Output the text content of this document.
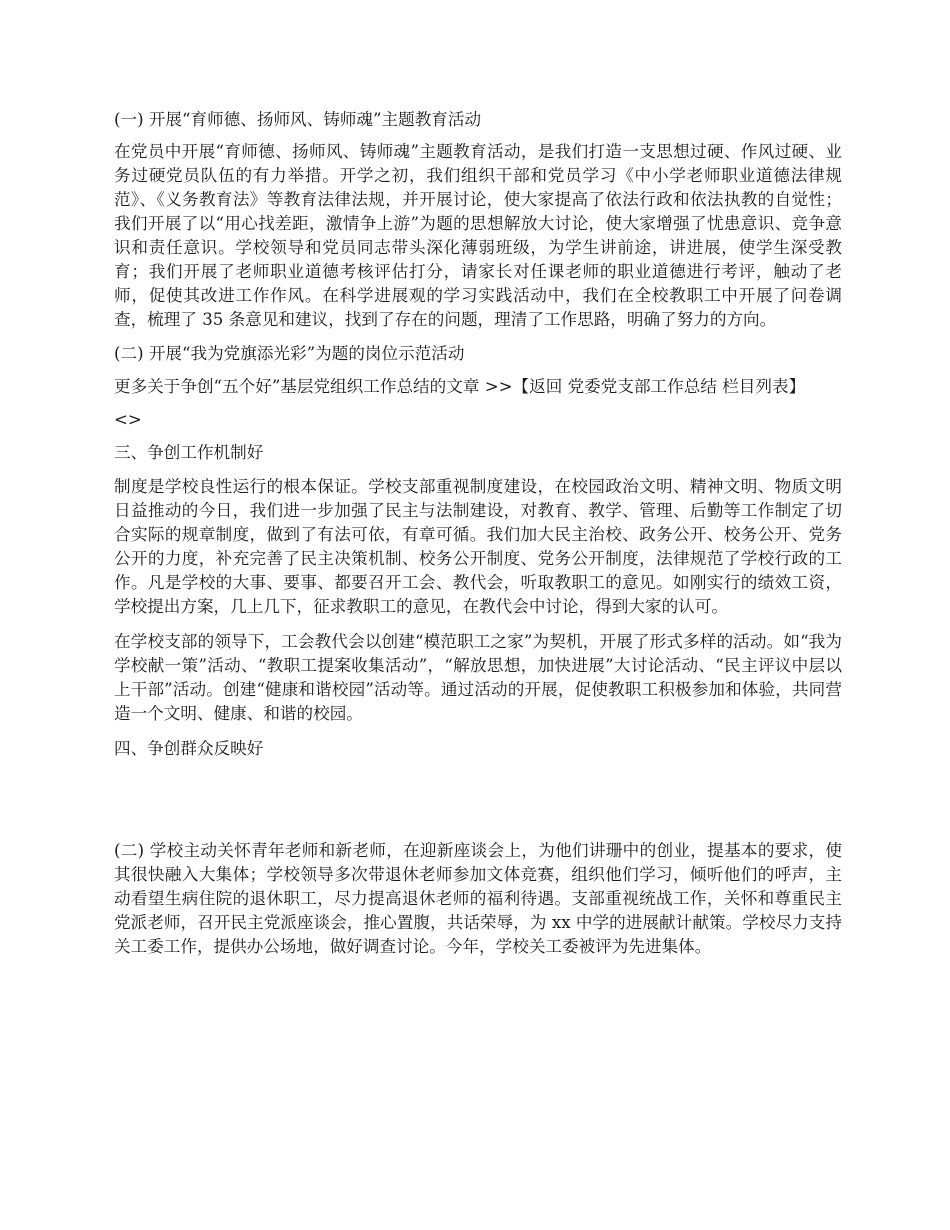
(一) 开展“育师德、扬师风、铸师魂”主题教育活动

在党员中开展“育师德、扬师风、铸师魂”主题教育活动，是我们打造一支思想过硬、作风过硬、业务过硬党员队伍的有力举措。开学之初，我们组织干部和党员学习《中小学老师职业道德法律规范》、《义务教育法》等教育法律法规，并开展讨论，使大家提高了依法行政和依法执教的自觉性；我们开展了以“用心找差距，激情争上游”为题的思想解放大讨论，使大家增强了忧患意识、竞争意识和责任意识。学校领导和党员同志带头深化薄弱班级，为学生讲前途，讲进展，使学生深受教育；我们开展了老师职业道德考核评估打分，请家长对任课老师的职业道德进行考评，触动了老师，促使其改进工作作风。在科学进展观的学习实践活动中，我们在全校教职工中开展了问卷调查，梳理了 35 条意见和建议，找到了存在的问题，理清了工作思路，明确了努力的方向。

(二) 开展“我为党旗添光彩”为题的岗位示范活动

更多关于争创“五个好”基层党组织工作总结的文章 >>【返回 党委党支部工作总结 栏目列表】

<>

三、争创工作机制好

制度是学校良性运行的根本保证。学校支部重视制度建设，在校园政治文明、精神文明、物质文明日益推动的今日，我们进一步加强了民主与法制建设，对教育、教学、管理、后勤等工作制定了切合实际的规章制度，做到了有法可依，有章可循。我们加大民主治校、政务公开、校务公开、党务公开的力度，补充完善了民主决策机制、校务公开制度、党务公开制度，法律规范了学校行政的工作。凡是学校的大事、要事、都要召开工会、教代会，听取教职工的意见。如刚实行的绩效工资，学校提出方案，几上几下，征求教职工的意见，在教代会中讨论，得到大家的认可。

在学校支部的领导下，工会教代会以创建“模范职工之家”为契机，开展了形式多样的活动。如“我为学校献一策”活动、“教职工提案收集活动”，“解放思想，加快进展”大讨论活动、“民主评议中层以上干部”活动。创建“健康和谐校园”活动等。通过活动的开展，促使教职工积极参加和体验，共同营造一个文明、健康、和谐的校园。

四、争创群众反映好

(二) 学校主动关怀青年老师和新老师，在迎新座谈会上，为他们讲珊中的创业，提基本的要求，使其很快融入大集体；学校领导多次带退休老师参加文体竞赛，组织他们学习，倾听他们的呼声，主动看望生病住院的退休职工，尽力提高退休老师的福利待遇。支部重视统战工作，关怀和尊重民主党派老师，召开民主党派座谈会，推心置腹，共话荣辱，为 xx 中学的进展献计献策。学校尽力支持关工委工作，提供办公场地，做好调查讨论。今年，学校关工委被评为先进集体。
